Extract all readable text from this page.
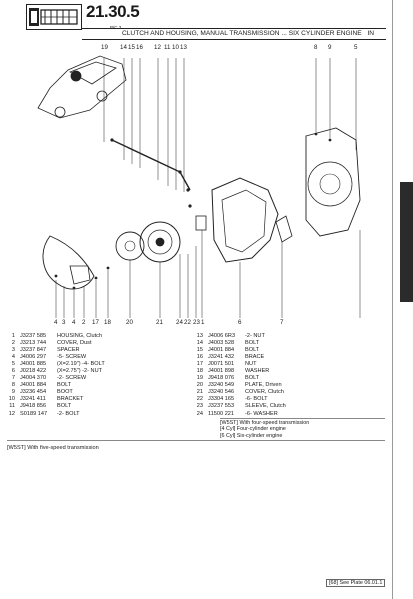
21.30.5
P/C 3
CLUTCH AND HOUSING, MANUAL TRANSMISSION ... SIX CYLINDER ENGINE IN
19 14 15 16 12 11 10 13	8 9	5
4 3 4 2 17 18 20	21 24 22 23 1	6	7
1 J3237 585 HOUSING, Clutch
2 J3213 744 COVER, Dust
3 J3237 847 SPACER
4 J4006 297 -5- SCREW
5 J4001 885 (X=2.19") -4- BOLT
6 J0218 422 (X=2.75") -2- NUT
7 J4004 370 -2- SCREW
8 J4001 884 BOLT
9 J3236 454 BOOT
10 J3241 411 BRACKET
11 J9418 856 BOLT
12 S0189 147 -2- BOLT
13 J4006 6R3 -2- NUT
14 J4003 528 BOLT
15 J4001 884 BOLT
16 J3241 432 BRACE
17 J0071 501 NUT
18 J4001 898 WASHER
19 J9418 076 BOLT
20 J3240 549 PLATE, Driven
21 J3240 546 COVER, Clutch
22 J3304 165 -6- BOLT
23 J3237 553 SLEEVE, Clutch
24 11500 221 -6- WASHER
[W5ST] With four-speed transmission
[4 Cyl] Four-cylinder engine
[6 Cyl] Six-cylinder engine
[W5ST] With five-speed transmission
[68] See Plate 06.01.1
